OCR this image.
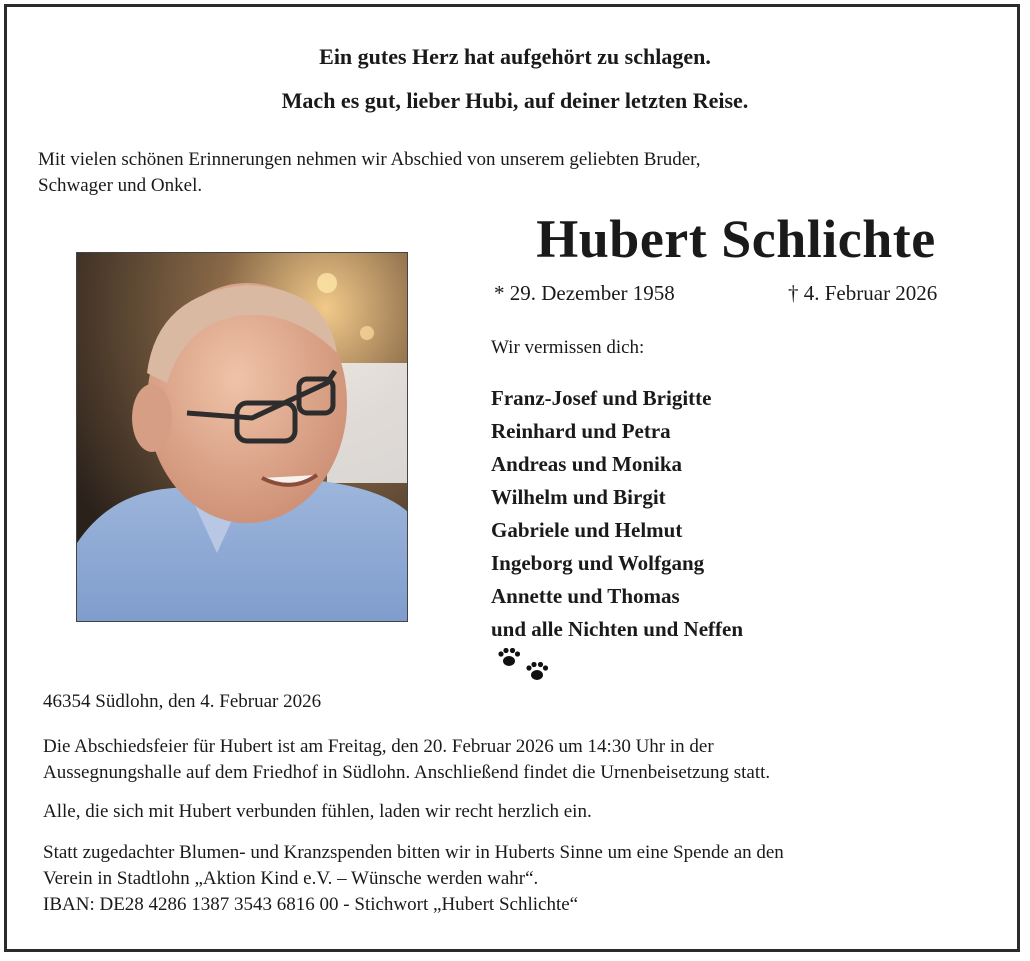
Ein gutes Herz hat aufgehört zu schlagen.
Mach es gut, lieber Hubi, auf deiner letzten Reise.
Mit vielen schönen Erinnerungen nehmen wir Abschied von unserem geliebten Bruder,
Schwager und Onkel.
Hubert Schlichte
* 29. Dezember 1958	† 4. Februar 2026
Wir vermissen dich:
Franz-Josef und Brigitte
Reinhard und Petra
Andreas und Monika
Wilhelm und Birgit
Gabriele und Helmut
Ingeborg und Wolfgang
Annette und Thomas
und alle Nichten und Neffen
46354 Südlohn, den 4. Februar 2026
Die Abschiedsfeier für Hubert ist am Freitag, den 20. Februar 2026 um 14:30 Uhr in der
Aussegnungshalle auf dem Friedhof in Südlohn. Anschließend findet die Urnenbeisetzung statt.
Alle, die sich mit Hubert verbunden fühlen, laden wir recht herzlich ein.
Statt zugedachter Blumen- und Kranzspenden bitten wir in Huberts Sinne um eine Spende an den
Verein in Stadtlohn „Aktion Kind e.V. – Wünsche werden wahr“.
IBAN: DE28 4286 1387 3543 6816 00 - Stichwort „Hubert Schlichte“
